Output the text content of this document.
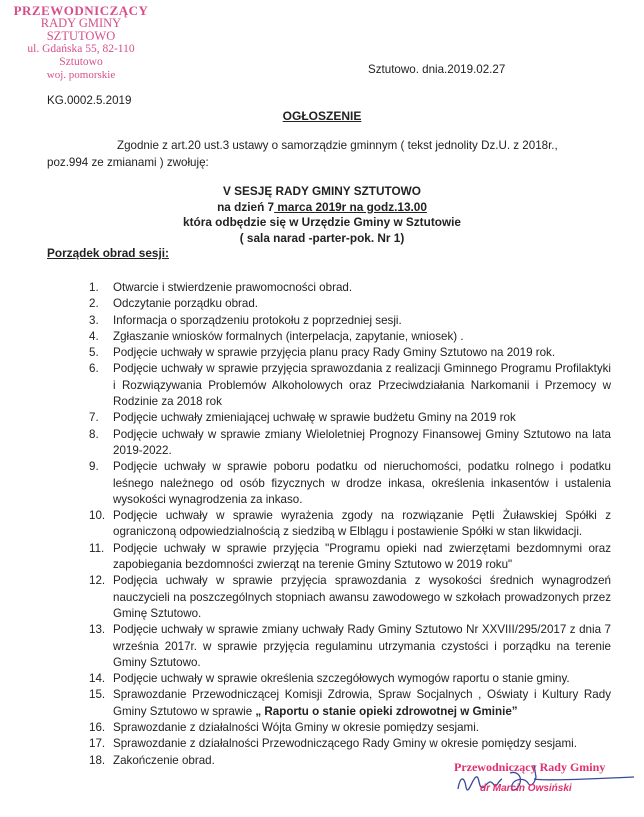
PRZEWODNICZĄCY
RADY GMINY SZTUTOWO
ul. Gdańska 55, 82-110 Sztutowo
woj. pomorskie	Sztutowo. dnia.2019.02.27
KG.0002.5.2019
OGŁOSZENIE
Zgodnie z art.20 ust.3 ustawy o samorządzie gminnym ( tekst jednolity Dz.U. z 2018r.,
poz.994 ze zmianami ) zwołuję:
V SESJĘ RADY GMINY SZTUTOWO
na dzień 7 marca 2019r na godz.13.00
która odbędzie się w Urzędzie Gminy w Sztutowie
( sala narad -parter-pok. Nr 1)
Porządek obrad sesji:
1.	Otwarcie i stwierdzenie prawomocności obrad.
2.	Odczytanie porządku obrad.
3.	Informacja o sporządzeniu protokołu z poprzedniej sesji.
4.	Zgłaszanie wniosków formalnych (interpelacja, zapytanie, wniosek) .
5.	Podjęcie uchwały w sprawie przyjęcia planu pracy Rady Gminy Sztutowo na 2019 rok.
6.	Podjęcie uchwały w sprawie przyjęcia sprawozdania z realizacji Gminnego Programu Profilaktyki i Rozwiązywania Problemów Alkoholowych oraz Przeciwdziałania Narkomanii i Przemocy w Rodzinie za 2018 rok
7.	Podjęcie uchwały zmieniającej uchwałę w sprawie budżetu Gminy na 2019 rok
8.	Podjęcie uchwały w sprawie zmiany Wieloletniej Prognozy Finansowej Gminy Sztutowo na lata 2019-2022.
9.	Podjęcie uchwały w sprawie poboru podatku od nieruchomości, podatku rolnego i podatku leśnego należnego od osób fizycznych w drodze inkasa, określenia inkasentów i ustalenia wysokości wynagrodzenia za inkaso.
10. Podjęcie uchwały w sprawie wyrażenia zgody na rozwiązanie Pętli Żuławskiej Spółki z ograniczoną odpowiedzialnością z siedzibą w Elblągu i postawienie Spółki w stan likwidacji.
11. Podjęcie uchwały w sprawie przyjęcia "Programu opieki nad zwierzętami bezdomnymi oraz zapobiegania bezdomności zwierząt na terenie Gminy Sztutowo w 2019 roku"
12. Podjęcia uchwały w sprawie przyjęcia sprawozdania z wysokości średnich wynagrodzeń nauczycieli na poszczególnych stopniach awansu zawodowego w szkołach prowadzonych przez Gminę Sztutowo.
13. Podjęcie uchwały w sprawie zmiany uchwały Rady Gminy Sztutowo Nr XXVIII/295/2017 z dnia 7 września 2017r. w sprawie przyjęcia regulaminu utrzymania czystości i porządku na terenie Gminy Sztutowo.
14. Podjęcie uchwały w sprawie określenia szczegółowych wymogów raportu o stanie gminy.
15. Sprawozdanie Przewodniczącej Komisji Zdrowia, Spraw Socjalnych , Oświaty i Kultury Rady Gminy Sztutowo w sprawie „ Raportu o stanie opieki zdrowotnej w Gminie”
16. Sprawozdanie z działalności Wójta Gminy w okresie pomiędzy sesjami.
17. Sprawozdanie z działalności Przewodniczącego Rady Gminy w okresie pomiędzy sesjami.
18. Zakończenie obrad.	Przewodniczący Rady Gminy
dr Marcin Owsiński
